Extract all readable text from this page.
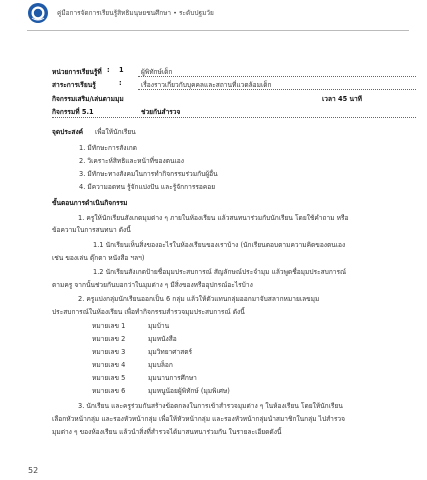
คู่มือการจัดการเรียนรู้สิทธิมนุษยชนศึกษา • ระดับปฐมวัย
หน่วยการเรียนรู้ที่ : 1	ผู้พิทักษ์เด็ก
สาระการเรียนรู้	:	เรื่องราวเกี่ยวกับบุคคลและสถานที่แวดล้อมเด็ก
กิจกรรมเสริม/เล่นตามมุม	เวลา 45 นาที
กิจกรรมที่ 5.1	ช่วยกันสำรวจ
จุดประสงค์ เพื่อให้นักเรียน
1. มีทักษะการสังเกต
2. วิเคราะห์สิทธิและหน้าที่ของตนเอง
3. มีทักษะทางสังคมในการทำกิจกรรมร่วมกับผู้อื่น
4. มีความอดทน รู้จักแบ่งปัน และรู้จักการรอคอย
ขั้นตอนการดำเนินกิจกรรม
1. ครูให้นักเรียนสังเกตมุมต่าง ๆ ภายในห้องเรียน แล้วสนทนาร่วมกับนักเรียน โดยใช้คำถาม หรือ
ข้อความในการสนทนา ดังนี้
1.1 นักเรียนเห็นสิ่งของอะไรในห้องเรียนของเราบ้าง (นักเรียนตอบตามความคิดของตนเอง
เช่น ของเล่น ตุ๊กตา หนังสือ ฯลฯ)
1.2 นักเรียนสังเกตป้ายชื่อมุมประสบการณ์ สัญลักษณ์ประจำมุม แล้วพูดชื่อมุมประสบการณ์
ตามครู จากนั้นช่วยกันบอกว่าในมุมต่าง ๆ มีสิ่งของหรืออุปกรณ์อะไรบ้าง
2. ครูแบ่งกลุ่มนักเรียนออกเป็น 6 กลุ่ม แล้วให้ตัวแทนกลุ่มออกมาจับสลากหมายเลขมุม
ประสบการณ์ในห้องเรียน เพื่อทำกิจกรรมสำรวจมุมประสบการณ์ ดังนี้
หมายเลข 1	มุมบ้าน
หมายเลข 2	มุมหนังสือ
หมายเลข 3	มุมวิทยาศาสตร์
หมายเลข 4	มุมบล็อก
หมายเลข 5	มุมนานการศึกษา
หมายเลข 6	มุมหนูน้อยผู้พิทักษ์ (มุมพิเศษ)
3. นักเรียน และครูร่วมกันสร้างข้อตกลงในการเข้าสำรวจมุมต่าง ๆ ในห้องเรียน โดยให้นักเรียน
เลือกหัวหน้ากลุ่ม และรองหัวหน้ากลุ่ม เพื่อให้หัวหน้ากลุ่ม และรองหัวหน้ากลุ่มนำสมาชิกในกลุ่ม ไปสำรวจ
มุมต่าง ๆ ของห้องเรียน แล้วนำสิ่งที่สำรวจได้มาสนทนาร่วมกัน ในรายละเอียดดังนี้
52
